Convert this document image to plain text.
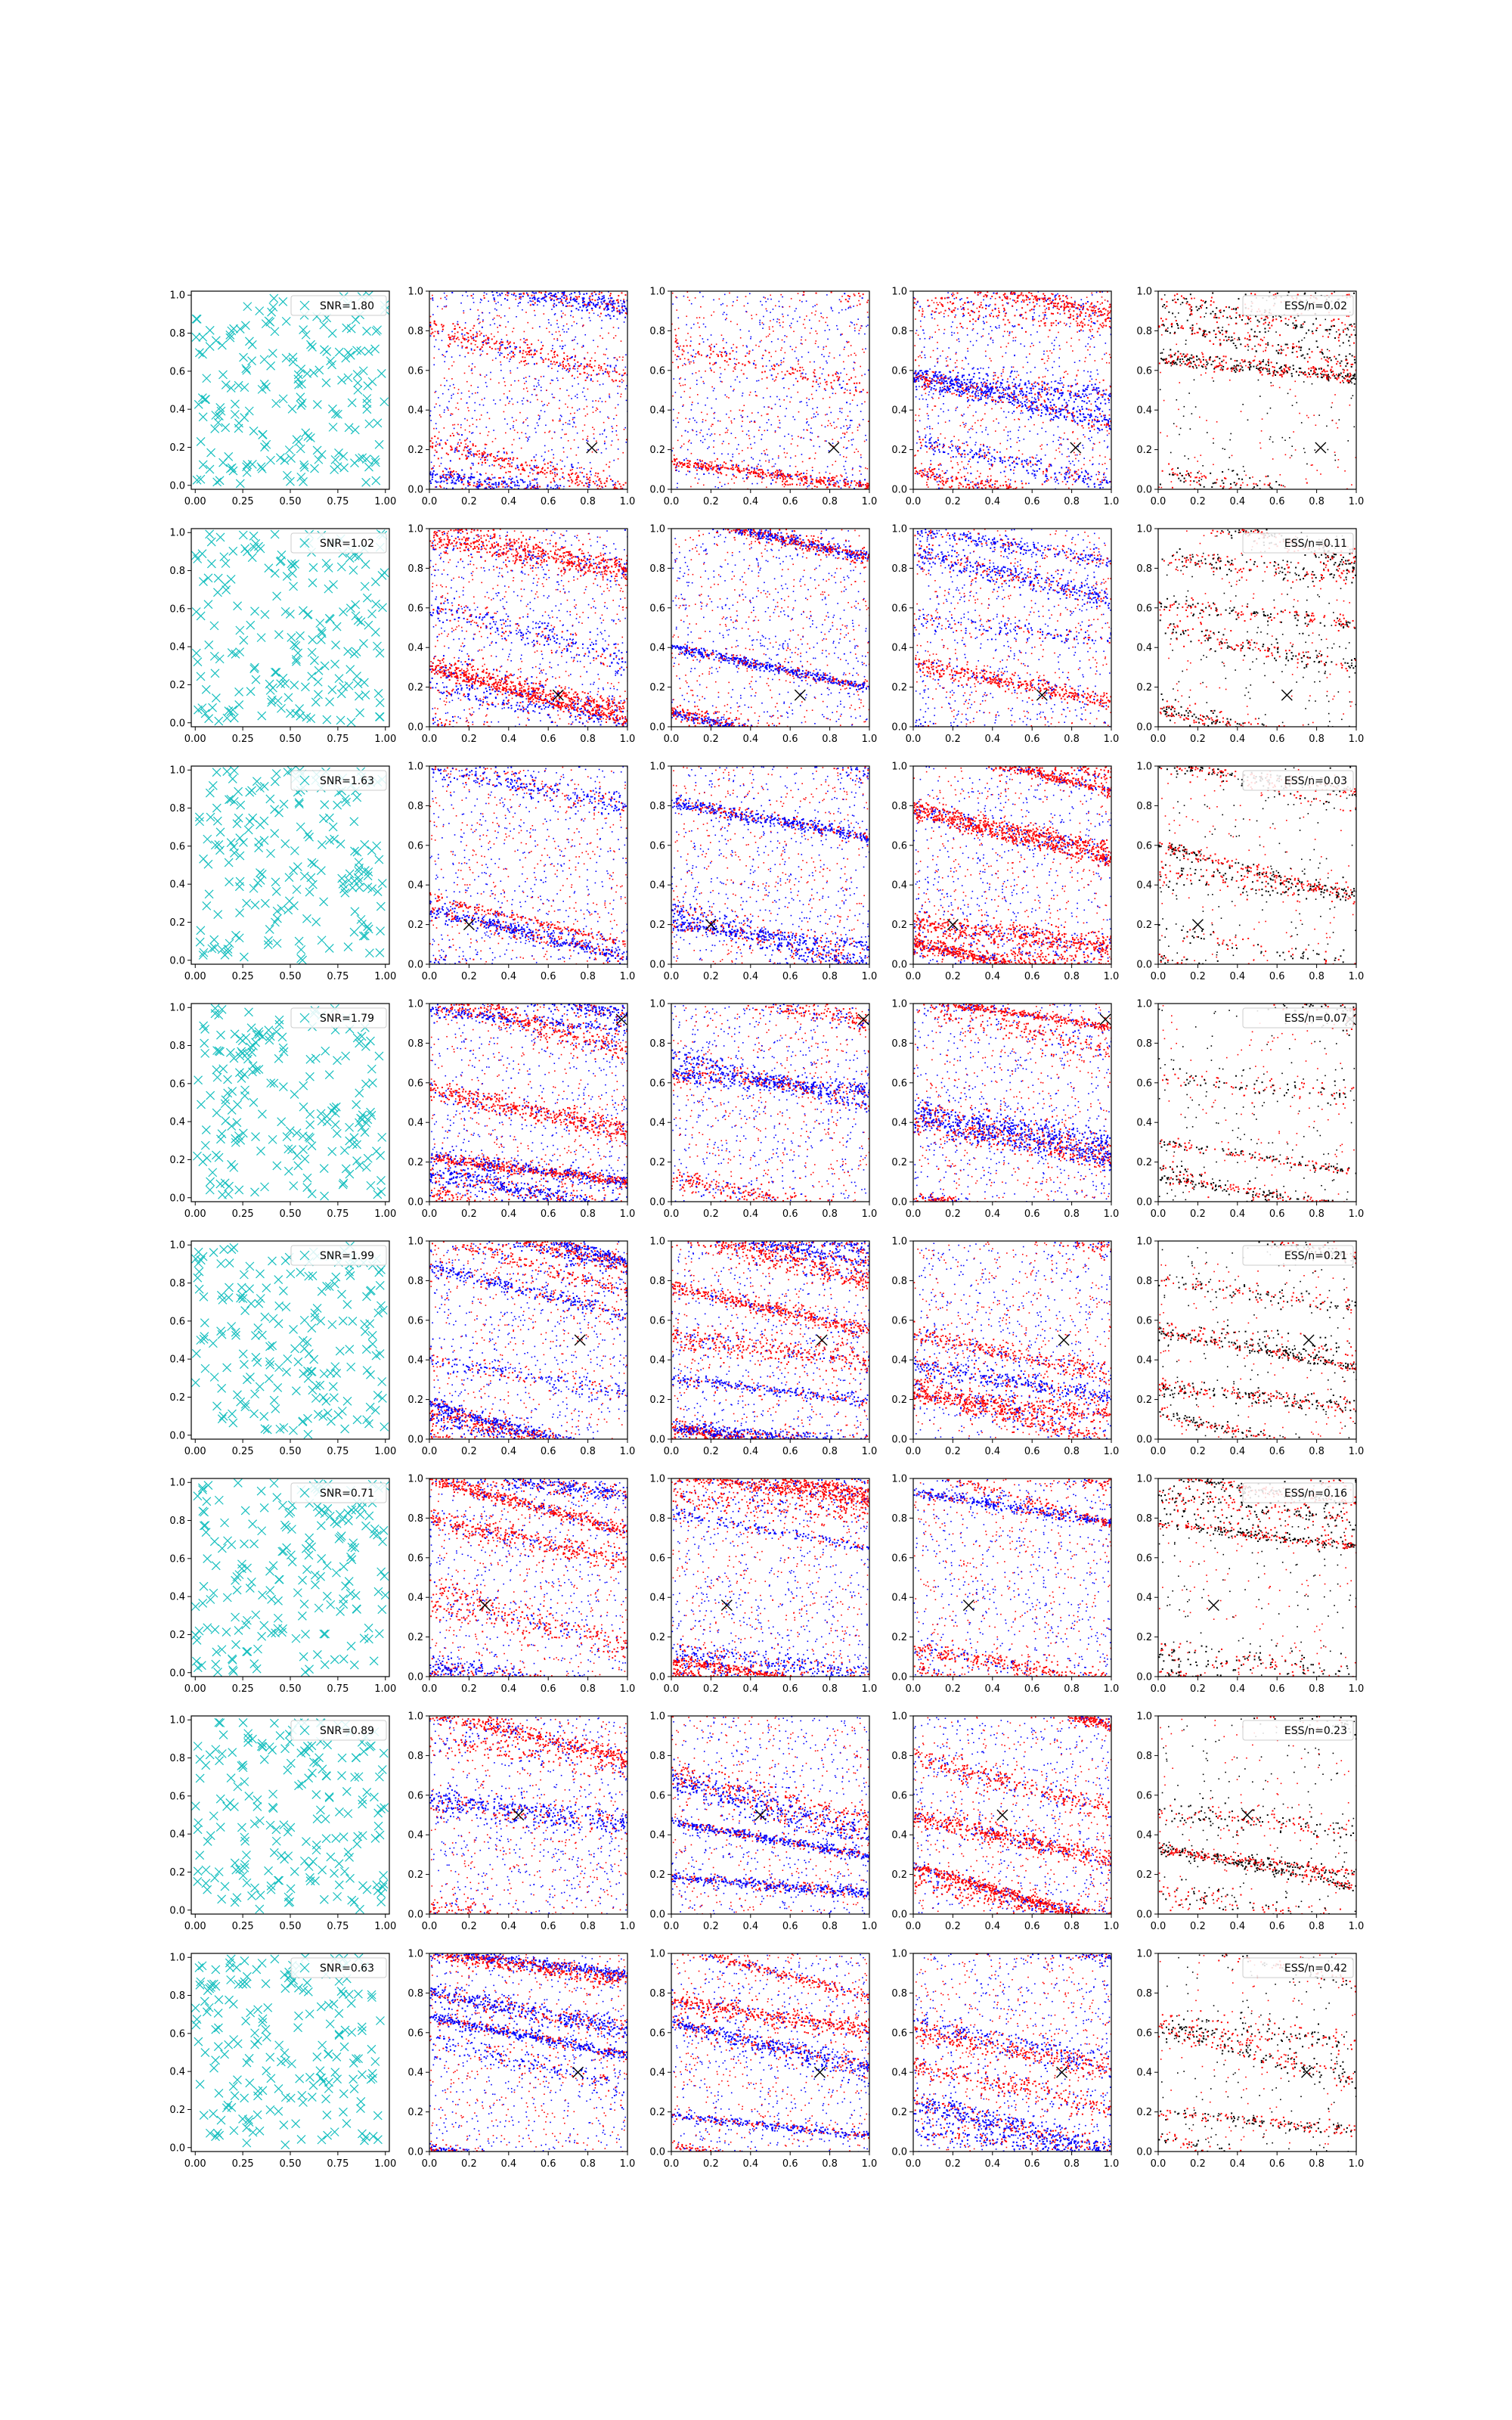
0.0
0.2
0.4
0.6
0.8
1.0
0.00	0.25	0.50	0.75	1.00
SNR=1.80
0.0
0.2
0.4
0.6
0.8
1.0
0.0 0.2 0.4 0.6 0.8 1.0
0.0
0.2
0.4
0.6
0.8
1.0
0.0 0.2 0.4 0.6 0.8 1.0
0.0
0.2
0.4
0.6
0.8
1.0
0.0 0.2 0.4 0.6 0.8 1.0
0.0
0.2
0.4
0.6
0.8
1.0
0.0 0.2 0.4 0.6 0.8 1.0
ESS/n=0.02
0.0
0.2
0.4
0.6
0.8
1.0
0.00	0.25	0.50	0.75	1.00
SNR=1.02
0.0
0.2
0.4
0.6
0.8
1.0
0.0 0.2 0.4 0.6 0.8 1.0
0.0
0.2
0.4
0.6
0.8
1.0
0.0 0.2 0.4 0.6 0.8 1.0
0.0
0.2
0.4
0.6
0.8
1.0
0.0 0.2 0.4 0.6 0.8 1.0
0.0
0.2
0.4
0.6
0.8
1.0
0.0 0.2 0.4 0.6 0.8 1.0
ESS/n=0.11
0.0
0.2
0.4
0.6
0.8
1.0
0.00	0.25	0.50	0.75	1.00
SNR=1.63
0.0
0.2
0.4
0.6
0.8
1.0
0.0 0.2 0.4 0.6 0.8 1.0
0.0
0.2
0.4
0.6
0.8
1.0
0.0 0.2 0.4 0.6 0.8 1.0
0.0
0.2
0.4
0.6
0.8
1.0
0.0 0.2 0.4 0.6 0.8 1.0
0.0
0.2
0.4
0.6
0.8
1.0
0.0 0.2 0.4 0.6 0.8 1.0
ESS/n=0.03
0.0
0.2
0.4
0.6
0.8
1.0
0.00	0.25	0.50	0.75	1.00
SNR=1.79
0.0
0.2
0.4
0.6
0.8
1.0
0.0 0.2 0.4 0.6 0.8 1.0
0.0
0.2
0.4
0.6
0.8
1.0
0.0 0.2 0.4 0.6 0.8 1.0
0.0
0.2
0.4
0.6
0.8
1.0
0.0 0.2 0.4 0.6 0.8 1.0
0.0
0.2
0.4
0.6
0.8
1.0
0.0 0.2 0.4 0.6 0.8 1.0
ESS/n=0.07
0.0
0.2
0.4
0.6
0.8
1.0
0.00	0.25	0.50	0.75	1.00
SNR=1.99
0.0
0.2
0.4
0.6
0.8
1.0
0.0 0.2 0.4 0.6 0.8 1.0
0.0
0.2
0.4
0.6
0.8
1.0
0.0 0.2 0.4 0.6 0.8 1.0
0.0
0.2
0.4
0.6
0.8
1.0
0.0 0.2 0.4 0.6 0.8 1.0
0.0
0.2
0.4
0.6
0.8
1.0
0.0 0.2 0.4 0.6 0.8 1.0
ESS/n=0.21
0.0
0.2
0.4
0.6
0.8
1.0
0.00	0.25	0.50	0.75	1.00
SNR=0.71
0.0
0.2
0.4
0.6
0.8
1.0
0.0 0.2 0.4 0.6 0.8 1.0
0.0
0.2
0.4
0.6
0.8
1.0
0.0 0.2 0.4 0.6 0.8 1.0
0.0
0.2
0.4
0.6
0.8
1.0
0.0 0.2 0.4 0.6 0.8 1.0
0.0
0.2
0.4
0.6
0.8
1.0
0.0 0.2 0.4 0.6 0.8 1.0
ESS/n=0.16
0.0
0.2
0.4
0.6
0.8
1.0
0.00	0.25	0.50	0.75	1.00
SNR=0.89
0.0
0.2
0.4
0.6
0.8
1.0
0.0 0.2 0.4 0.6 0.8 1.0
0.0
0.2
0.4
0.6
0.8
1.0
0.0 0.2 0.4 0.6 0.8 1.0
0.0
0.2
0.4
0.6
0.8
1.0
0.0 0.2 0.4 0.6 0.8 1.0
0.0
0.2
0.4
0.6
0.8
1.0
0.0 0.2 0.4 0.6 0.8 1.0
ESS/n=0.23
0.0
0.2
0.4
0.6
0.8
1.0
0.00	0.25	0.50	0.75	1.00
SNR=0.63
0.0
0.2
0.4
0.6
0.8
1.0
0.0 0.2 0.4 0.6 0.8 1.0
0.0
0.2
0.4
0.6
0.8
1.0
0.0 0.2 0.4 0.6 0.8 1.0
0.0
0.2
0.4
0.6
0.8
1.0
0.0 0.2 0.4 0.6 0.8 1.0
0.0
0.2
0.4
0.6
0.8
1.0
0.0 0.2 0.4 0.6 0.8 1.0
ESS/n=0.42
